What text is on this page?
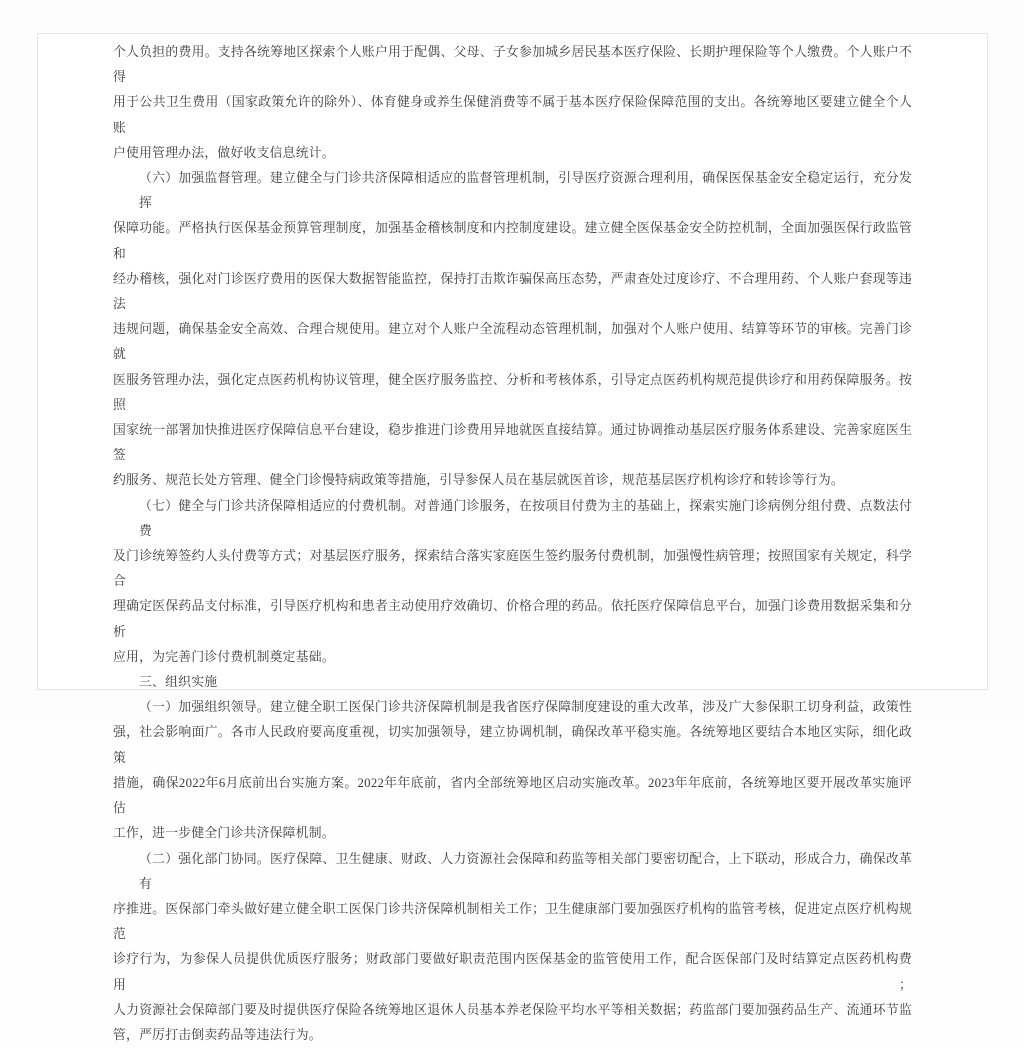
个人负担的费用。支持各统筹地区探索个人账户用于配偶、父母、子女参加城乡居民基本医疗保险、长期护理保险等个人缴费。个人账户不得
用于公共卫生费用（国家政策允许的除外）、体育健身或养生保健消费等不属于基本医疗保险保障范围的支出。各统筹地区要建立健全个人账
户使用管理办法，做好收支信息统计。
（六）加强监督管理。建立健全与门诊共济保障相适应的监督管理机制，引导医疗资源合理利用，确保医保基金安全稳定运行，充分发挥
保障功能。严格执行医保基金预算管理制度，加强基金稽核制度和内控制度建设。建立健全医保基金安全防控机制，全面加强医保行政监管和
经办稽核，强化对门诊医疗费用的医保大数据智能监控，保持打击欺诈骗保高压态势，严肃查处过度诊疗、不合理用药、个人账户套现等违法
违规问题，确保基金安全高效、合理合规使用。建立对个人账户全流程动态管理机制，加强对个人账户使用、结算等环节的审核。完善门诊就
医服务管理办法，强化定点医药机构协议管理，健全医疗服务监控、分析和考核体系，引导定点医药机构规范提供诊疗和用药保障服务。按照
国家统一部署加快推进医疗保障信息平台建设，稳步推进门诊费用异地就医直接结算。通过协调推动基层医疗服务体系建设、完善家庭医生签
约服务、规范长处方管理、健全门诊慢特病政策等措施，引导参保人员在基层就医首诊，规范基层医疗机构诊疗和转诊等行为。
（七）健全与门诊共济保障相适应的付费机制。对普通门诊服务，在按项目付费为主的基础上，探索实施门诊病例分组付费、点数法付费
及门诊统筹签约人头付费等方式；对基层医疗服务，探索结合落实家庭医生签约服务付费机制，加强慢性病管理；按照国家有关规定，科学合
理确定医保药品支付标准，引导医疗机构和患者主动使用疗效确切、价格合理的药品。依托医疗保障信息平台，加强门诊费用数据采集和分析
应用，为完善门诊付费机制奠定基础。
三、组织实施
（一）加强组织领导。建立健全职工医保门诊共济保障机制是我省医疗保障制度建设的重大改革，涉及广大参保职工切身利益，政策性
强，社会影响面广。各市人民政府要高度重视，切实加强领导，建立协调机制，确保改革平稳实施。各统筹地区要结合本地区实际，细化政策
措施，确保2022年6月底前出台实施方案。2022年年底前，省内全部统筹地区启动实施改革。2023年年底前，各统筹地区要开展改革实施评估
工作，进一步健全门诊共济保障机制。
（二）强化部门协同。医疗保障、卫生健康、财政、人力资源社会保障和药监等相关部门要密切配合，上下联动，形成合力，确保改革有
序推进。医保部门牵头做好建立健全职工医保门诊共济保障机制相关工作；卫生健康部门要加强医疗机构的监管考核，促进定点医疗机构规范
诊疗行为，为参保人员提供优质医疗服务；财政部门要做好职责范围内医保基金的监管使用工作，配合医保部门及时结算定点医药机构费用；
人力资源社会保障部门要及时提供医疗保险各统筹地区退休人员基本养老保险平均水平等相关数据；药监部门要加强药品生产、流通环节监
管，严厉打击倒卖药品等违法行为。
